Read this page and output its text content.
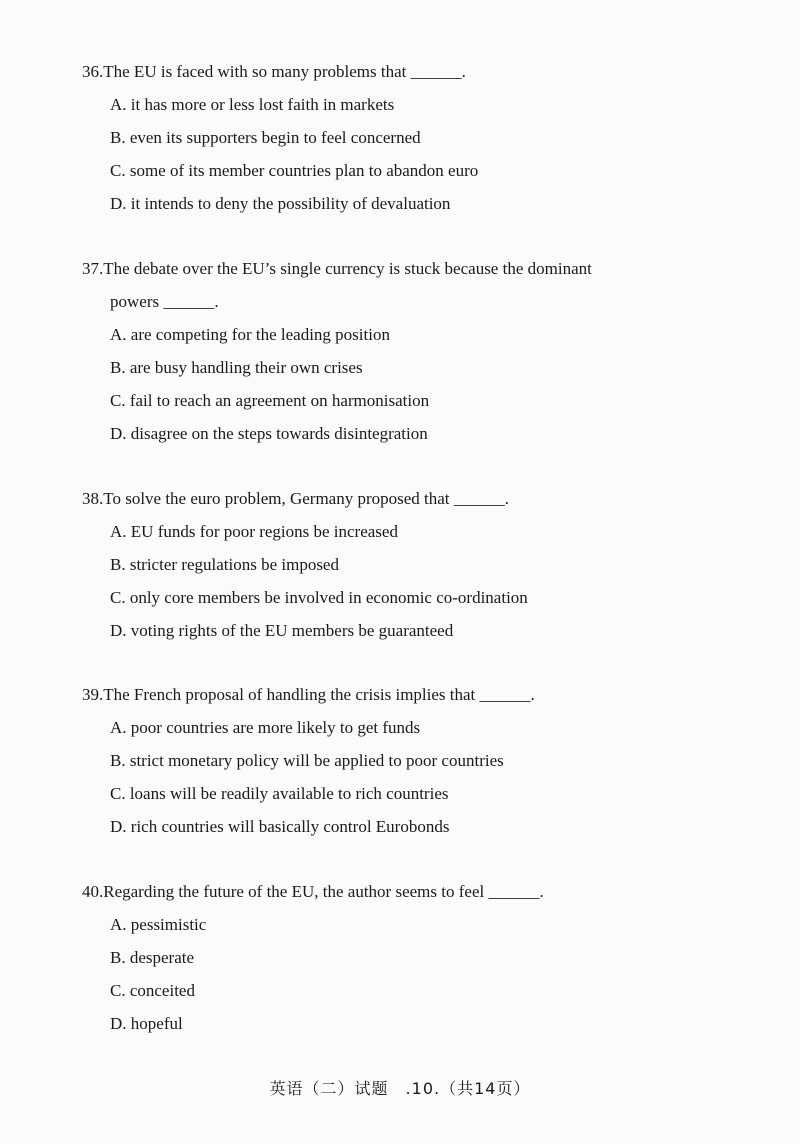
36.The EU is faced with so many problems that ______.
A. it has more or less lost faith in markets
B. even its supporters begin to feel concerned
C. some of its member countries plan to abandon euro
D. it intends to deny the possibility of devaluation
37.The debate over the EU’s single currency is stuck because the dominant
powers ______.
A. are competing for the leading position
B. are busy handling their own crises
C. fail to reach an agreement on harmonisation
D. disagree on the steps towards disintegration
38.To solve the euro problem, Germany proposed that ______.
A. EU funds for poor regions be increased
B. stricter regulations be imposed
C. only core members be involved in economic co-ordination
D. voting rights of the EU members be guaranteed
39.The French proposal of handling the crisis implies that ______.
A. poor countries are more likely to get funds
B. strict monetary policy will be applied to poor countries
C. loans will be readily available to rich countries
D. rich countries will basically control Eurobonds
40.Regarding the future of the EU, the author seems to feel ______.
A. pessimistic
B. desperate
C. conceited
D. hopeful
英语（二）试题　.10.（共14页）
